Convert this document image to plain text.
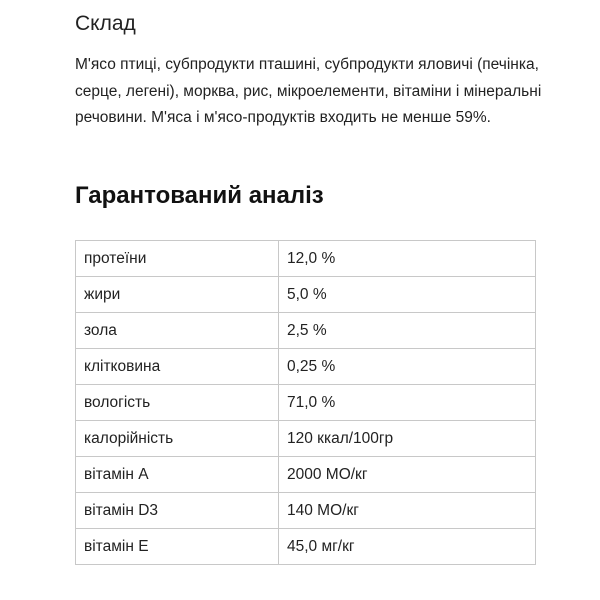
Склад
М'ясо птиці, субпродукти пташині, субпродукти яловичі (печінка, серце, легені), морква, рис, мікроелементи, вітаміни і мінеральні речовини. М'яса і м'ясо-продуктів входить не менше 59%.
Гарантований аналіз
протеїни	12,0 %
жири	5,0 %
зола	2,5 %
клітковина	0,25 %
вологість	71,0 %
калорійність	120 ккал/100гр
вітамін А	2000 МО/кг
вітамін D3	140 МО/кг
вітамін Е	45,0 мг/кг
